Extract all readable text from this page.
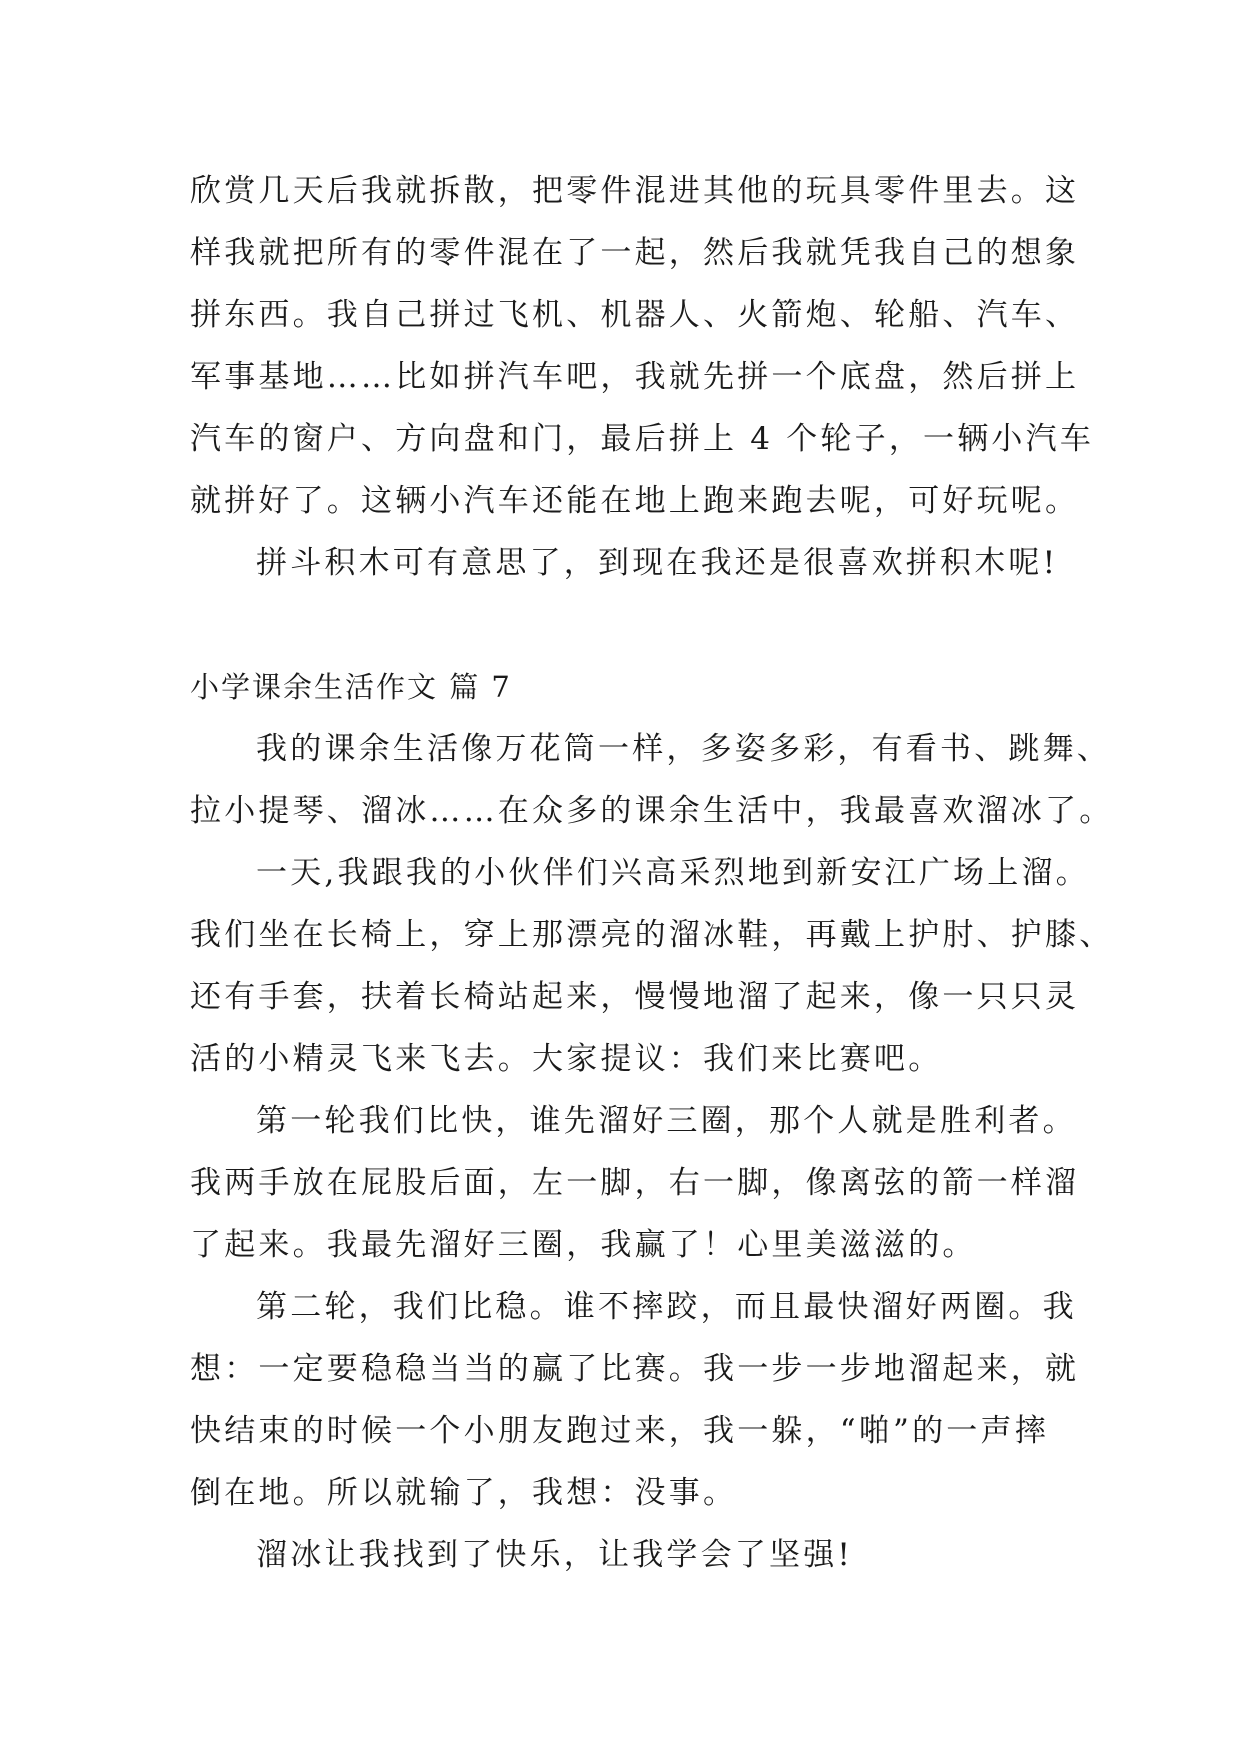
欣赏几天后我就拆散，把零件混进其他的玩具零件里去。这
样我就把所有的零件混在了一起，然后我就凭我自己的想象
拼东西。我自己拼过飞机、机器人、火箭炮、轮船、汽车、
军事基地……比如拼汽车吧，我就先拼一个底盘，然后拼上
汽车的窗户、方向盘和门，最后拼上 4 个轮子，一辆小汽车
就拼好了。这辆小汽车还能在地上跑来跑去呢，可好玩呢。
拼斗积木可有意思了，到现在我还是很喜欢拼积木呢!
小学课余生活作文 篇 7
我的课余生活像万花筒一样，多姿多彩，有看书、跳舞、
拉小提琴、溜冰……在众多的课余生活中，我最喜欢溜冰了。
一天,我跟我的小伙伴们兴高采烈地到新安江广场上溜。
我们坐在长椅上，穿上那漂亮的溜冰鞋，再戴上护肘、护膝、
还有手套，扶着长椅站起来，慢慢地溜了起来，像一只只灵
活的小精灵飞来飞去。大家提议：我们来比赛吧。
第一轮我们比快，谁先溜好三圈，那个人就是胜利者。
我两手放在屁股后面，左一脚，右一脚，像离弦的箭一样溜
了起来。我最先溜好三圈，我赢了！心里美滋滋的。
第二轮，我们比稳。谁不摔跤，而且最快溜好两圈。我
想：一定要稳稳当当的赢了比赛。我一步一步地溜起来，就
快结束的时候一个小朋友跑过来，我一躲，“啪”的一声摔
倒在地。所以就输了，我想：没事。
溜冰让我找到了快乐，让我学会了坚强!
